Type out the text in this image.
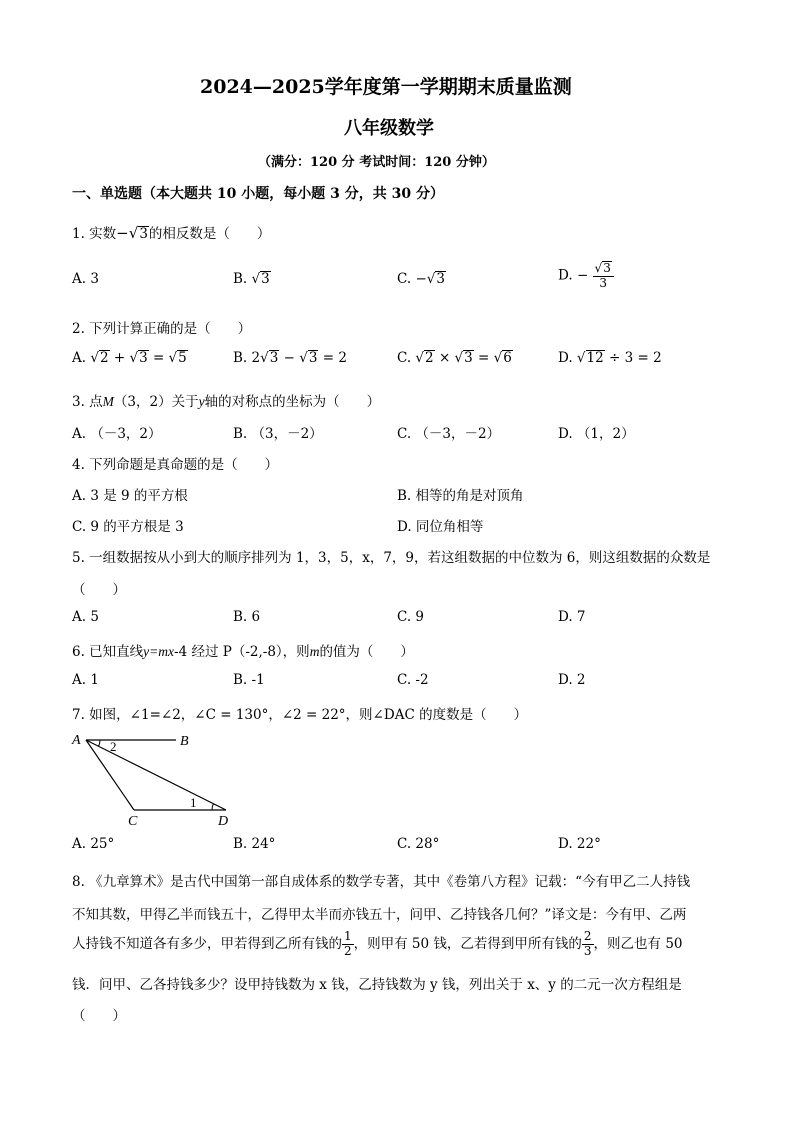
2024—2025学年度第一学期期末质量监测
八年级数学
（满分：120 分 考试时间：120 分钟）
一、单选题（本大题共 10 小题，每小题 3 分，共 30 分）
1. 实数−√3的相反数是（　　）
A. 3	B. √3	C. −√3	D. − $\frac{√3}{3}$
2. 下列计算正确的是（　　）
A. √2 + √3 = √5	B. 2√3 − √3 = 2	C. √2 × √3 = √6	D. √12 ÷ 3 = 2
3. 点M（3，2）关于y轴的对称点的坐标为（　　）
A. （－3，2）	B. （3，－2）	C. （－3，－2）	D. （1，2）
4. 下列命题是真命题的是（　　）
A. 3 是 9 的平方根	B. 相等的角是对顶角
C. 9 的平方根是 3	D. 同位角相等
5. 一组数据按从小到大的顺序排列为 1，3，5，x，7，9，若这组数据的中位数为 6，则这组数据的众数是
（　　）
A. 5	B. 6	C. 9	D. 7
6. 已知直线y=mx-4 经过 P（-2,-8），则m的值为（　　）
A. 1	B. -1	C. -2	D. 2
7. 如图，∠1=∠2，∠C = 130°，∠2 = 22°，则∠DAC 的度数是（　　）
A	B
C	D
2
1
A. 25°	B. 24°	C. 28°	D. 22°
8. 《九章算术》是古代中国第一部自成体系的数学专著，其中《卷第八方程》记载：“今有甲乙二人持钱
不知其数，甲得乙半而钱五十，乙得甲太半而亦钱五十，问甲、乙持钱各几何？”译文是：今有甲、乙两
人持钱不知道各有多少，甲若得到乙所有钱的 $\frac{1}{2}$ ，则甲有 50 钱，乙若得到甲所有钱的 $\frac{2}{3}$ ，则乙也有 50
钱．问甲、乙各持钱多少？设甲持钱数为 x 钱，乙持钱数为 y 钱，列出关于 x、y 的二元一次方程组是
（　　）
